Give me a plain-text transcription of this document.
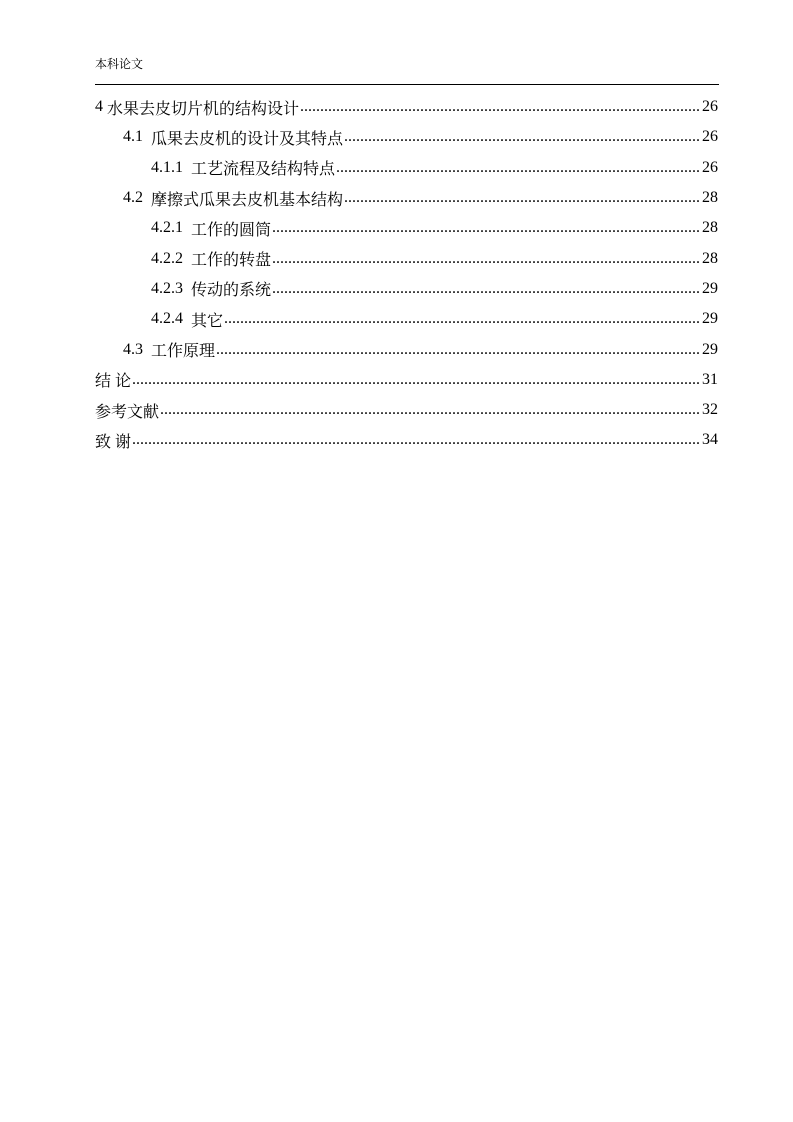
本科论文
4 水果去皮切片机的结构设计 .....	26
4.1 瓜果去皮机的设计及其特点 .....	26
4.1.1 工艺流程及结构特点 .....	26
4.2 摩擦式瓜果去皮机基本结构 .....	28
4.2.1 工作的圆筒 .....	28
4.2.2 工作的转盘 .....	28
4.2.3 传动的系统 .....	29
4.2.4 其它 .....	29
4.3 工作原理 .....	29
结 论 .....	31
参考文献 .....	32
致 谢 .....	34
